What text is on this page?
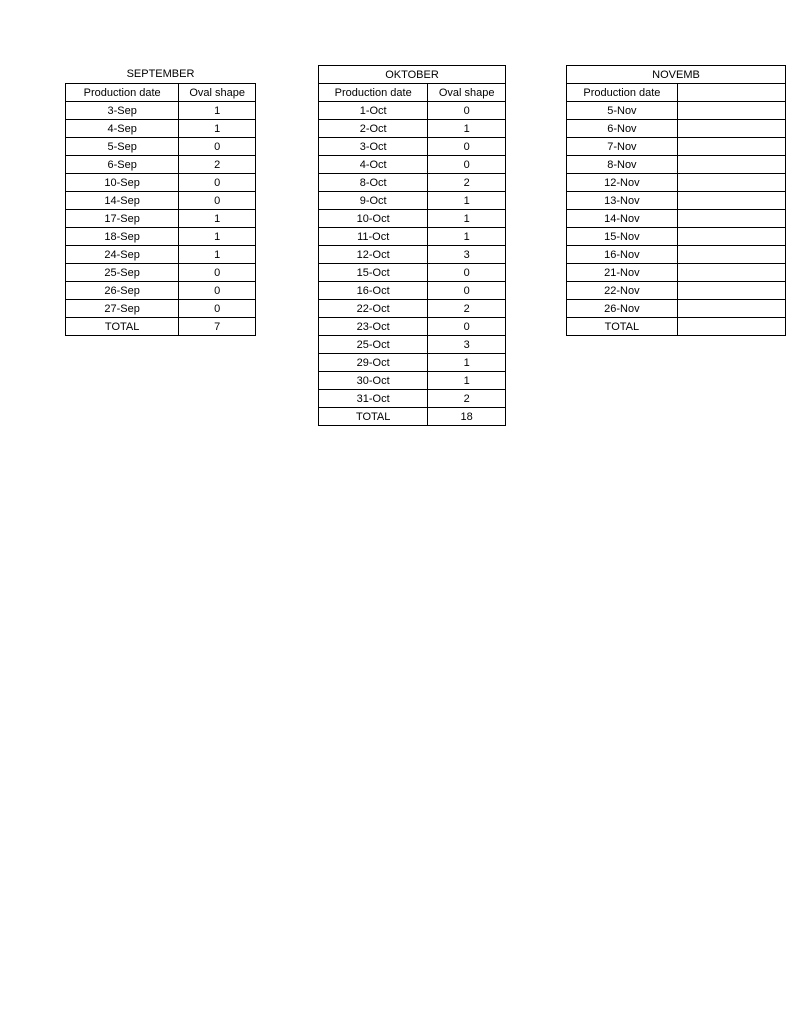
SEPTEMBER
Production date	Oval shape
3-Sep	1
4-Sep	1
5-Sep	0
6-Sep	2
10-Sep	0
14-Sep	0
17-Sep	1
18-Sep	1
24-Sep	1
25-Sep	0
26-Sep	0
27-Sep	0
TOTAL	7
OKTOBER
Production date	Oval shape
1-Oct	0
2-Oct	1
3-Oct	0
4-Oct	0
8-Oct	2
9-Oct	1
10-Oct	1
11-Oct	1
12-Oct	3
15-Oct	0
16-Oct	0
22-Oct	2
23-Oct	0
25-Oct	3
29-Oct	1
30-Oct	1
31-Oct	2
TOTAL	18
NOVEMB
Production date	
5-Nov	
6-Nov	
7-Nov	
8-Nov	
12-Nov	
13-Nov	
14-Nov	
15-Nov	
16-Nov	
21-Nov	
22-Nov	
26-Nov	
TOTAL	
